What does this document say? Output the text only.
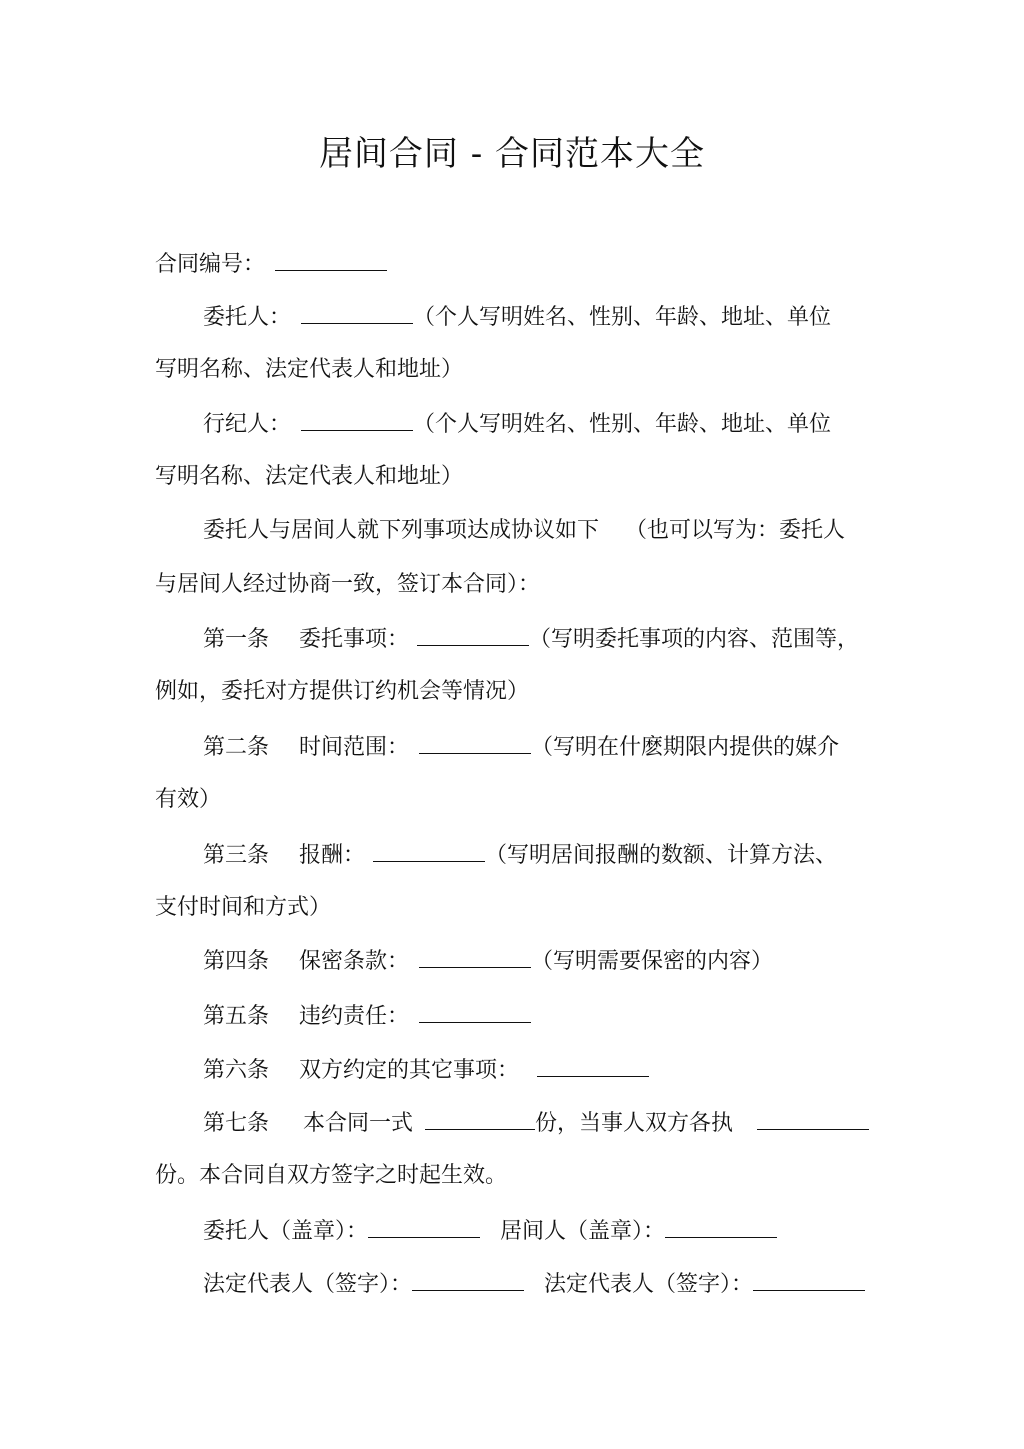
居间合同 - 合同范本大全
合同编号：
委托人：	（个人写明姓名、性别、年龄、地址、单位
写明名称、法定代表人和地址）
行纪人：	（个人写明姓名、性别、年龄、地址、单位
写明名称、法定代表人和地址）
委托人与居间人就下列事项达成协议如下 （也可以写为：委托人
与居间人经过协商一致，签订本合同）：
第一条 委托事项：	（写明委托事项的内容、范围等，
例如，委托对方提供订约机会等情况）
第二条 时间范围：	（写明在什麽期限内提供的媒介
有效）
第三条 报酬：	（写明居间报酬的数额、计算方法、
支付时间和方式）
第四条 保密条款：	（写明需要保密的内容）
第五条 违约责任：
第六条 双方约定的其它事项：
第七条 本合同一式	份，当事人双方各执
份。本合同自双方签字之时起生效。
委托人（盖章）：	居间人（盖章）：
法定代表人（签字）：	法定代表人（签字）：
